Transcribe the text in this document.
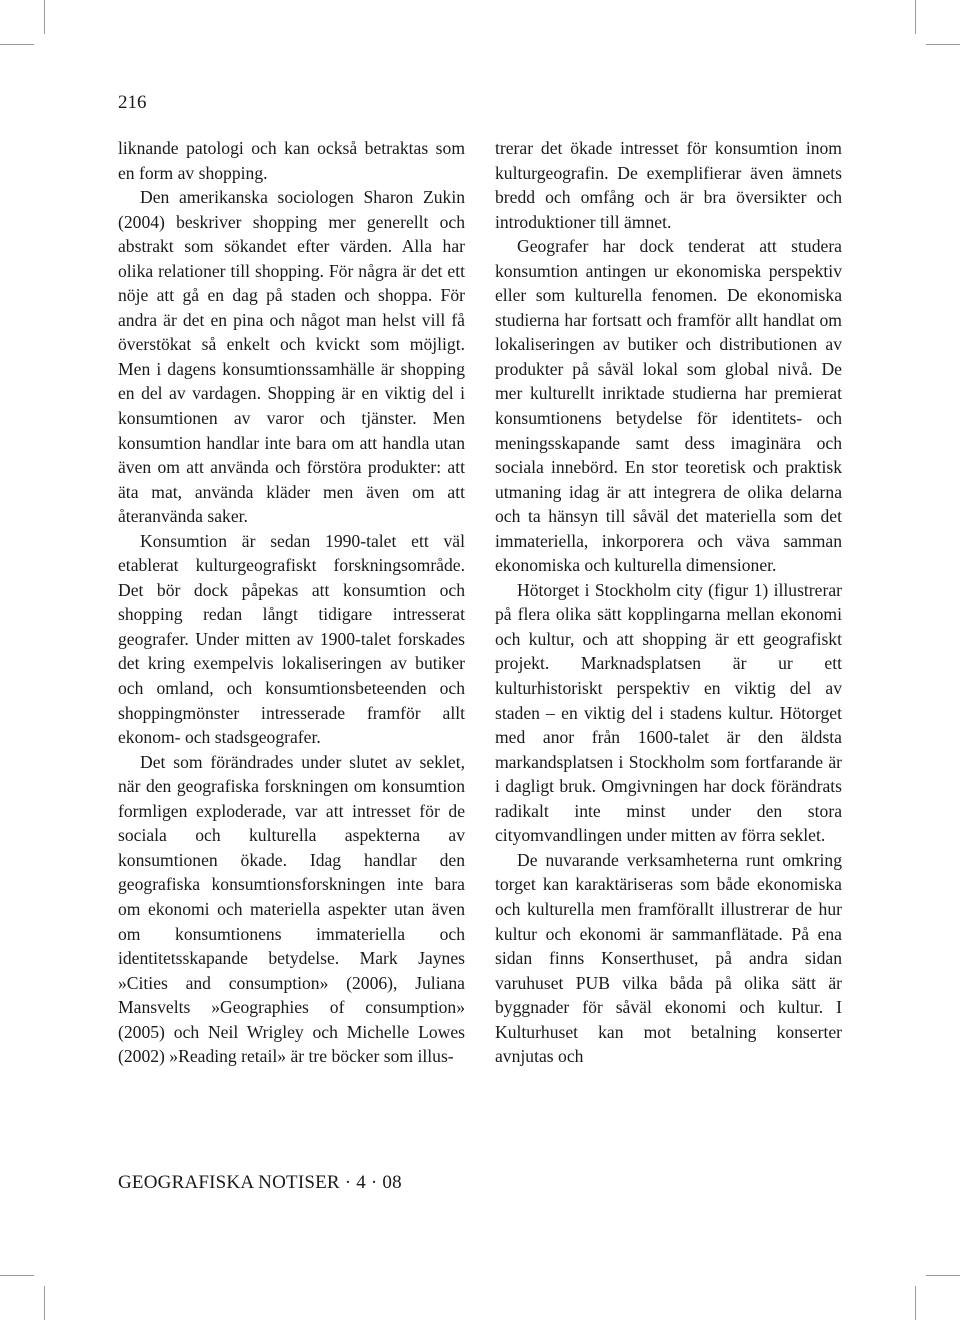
216

liknande patologi och kan också betraktas som en form av shopping.

Den amerikanska sociologen Sharon Zukin (2004) beskriver shopping mer generellt och abstrakt som sökandet efter värden. Alla har olika relationer till shopping. För några är det ett nöje att gå en dag på staden och shoppa. För andra är det en pina och något man helst vill få överstökat så enkelt och kvickt som möjligt. Men i dagens konsumtionssamhälle är shopping en del av vardagen. Shopping är en viktig del i konsumtionen av varor och tjänster. Men konsumtion handlar inte bara om att handla utan även om att använda och förstöra produkter: att äta mat, använda kläder men även om att återanvända saker.

Konsumtion är sedan 1990-talet ett väl etablerat kulturgeografiskt forskningsområde. Det bör dock påpekas att konsumtion och shopping redan långt tidigare intresserat geografer. Under mitten av 1900-talet forskades det kring exempelvis lokaliseringen av butiker och omland, och konsumtionsbeteenden och shoppingmönster intresserade framför allt ekonom- och stadsgeografer.

Det som förändrades under slutet av seklet, när den geografiska forskningen om konsumtion formligen exploderade, var att intresset för de sociala och kulturella aspekterna av konsumtionen ökade. Idag handlar den geografiska konsumtionsforskningen inte bara om ekonomi och materiella aspekter utan även om konsumtionens immateriella och identitetsskapande betydelse. Mark Jaynes »Cities and consumption» (2006), Juliana Mansvelts »Geographies of consumption» (2005) och Neil Wrigley och Michelle Lowes (2002) »Reading retail» är tre böcker som illus-

trerar det ökade intresset för konsumtion inom kulturgeografin. De exemplifierar även ämnets bredd och omfång och är bra översikter och introduktioner till ämnet.

Geografer har dock tenderat att studera konsumtion antingen ur ekonomiska perspektiv eller som kulturella fenomen. De ekonomiska studierna har fortsatt och framför allt handlat om lokaliseringen av butiker och distributionen av produkter på såväl lokal som global nivå. De mer kulturellt inriktade studierna har premierat konsumtionens betydelse för identitets- och meningsskapande samt dess imaginära och sociala innebörd. En stor teoretisk och praktisk utmaning idag är att integrera de olika delarna och ta hänsyn till såväl det materiella som det immateriella, inkorporera och väva samman ekonomiska och kulturella dimensioner.

Hötorget i Stockholm city (figur 1) illustrerar på flera olika sätt kopplingarna mellan ekonomi och kultur, och att shopping är ett geografiskt projekt. Marknadsplatsen är ur ett kulturhistoriskt perspektiv en viktig del av staden – en viktig del i stadens kultur. Hötorget med anor från 1600-talet är den äldsta markandsplatsen i Stockholm som fortfarande är i dagligt bruk. Omgivningen har dock förändrats radikalt inte minst under den stora cityomvandlingen under mitten av förra seklet.

De nuvarande verksamheterna runt omkring torget kan karaktäriseras som både ekonomiska och kulturella men framförallt illustrerar de hur kultur och ekonomi är sammanflätade. På ena sidan finns Konserthuset, på andra sidan varuhuset PUB vilka båda på olika sätt är byggnader för såväl ekonomi och kultur. I Kulturhuset kan mot betalning konserter avnjutas och

GEOGRAFISKA NOTISER · 4 · 08
